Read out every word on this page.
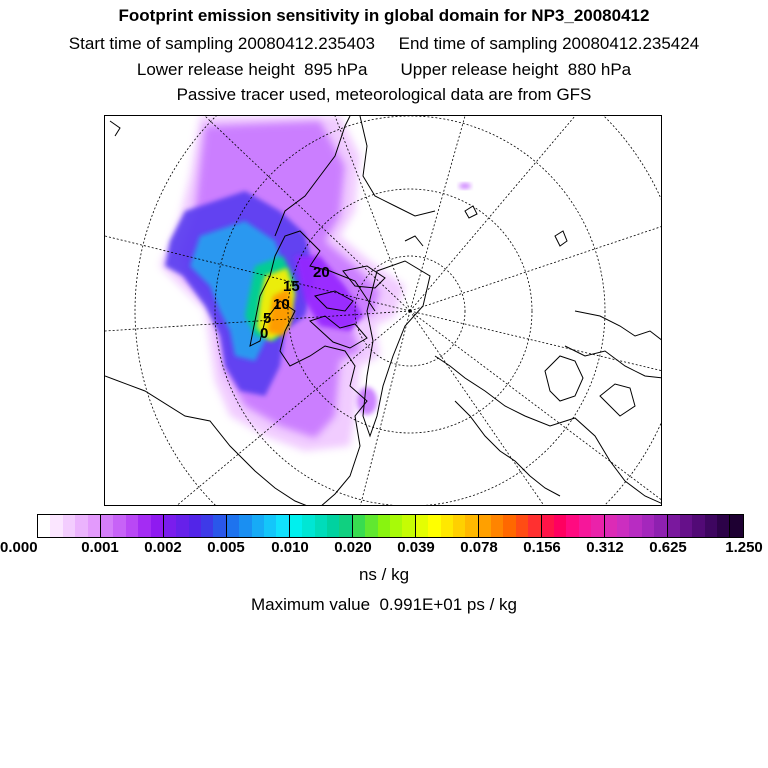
Footprint emission sensitivity in global domain for NP3_20080412
Start time of sampling 20080412.235403     End time of sampling 20080412.235424
Lower release height  895 hPa       Upper release height  880 hPa
Passive tracer used, meteorological data are from GFS
20
15
10
5
0
0.000	0.001 0.002 0.005 0.010 0.020 0.039 0.078 0.156 0.312 0.625	1.250
ns / kg
Maximum value  0.991E+01 ps / kg
